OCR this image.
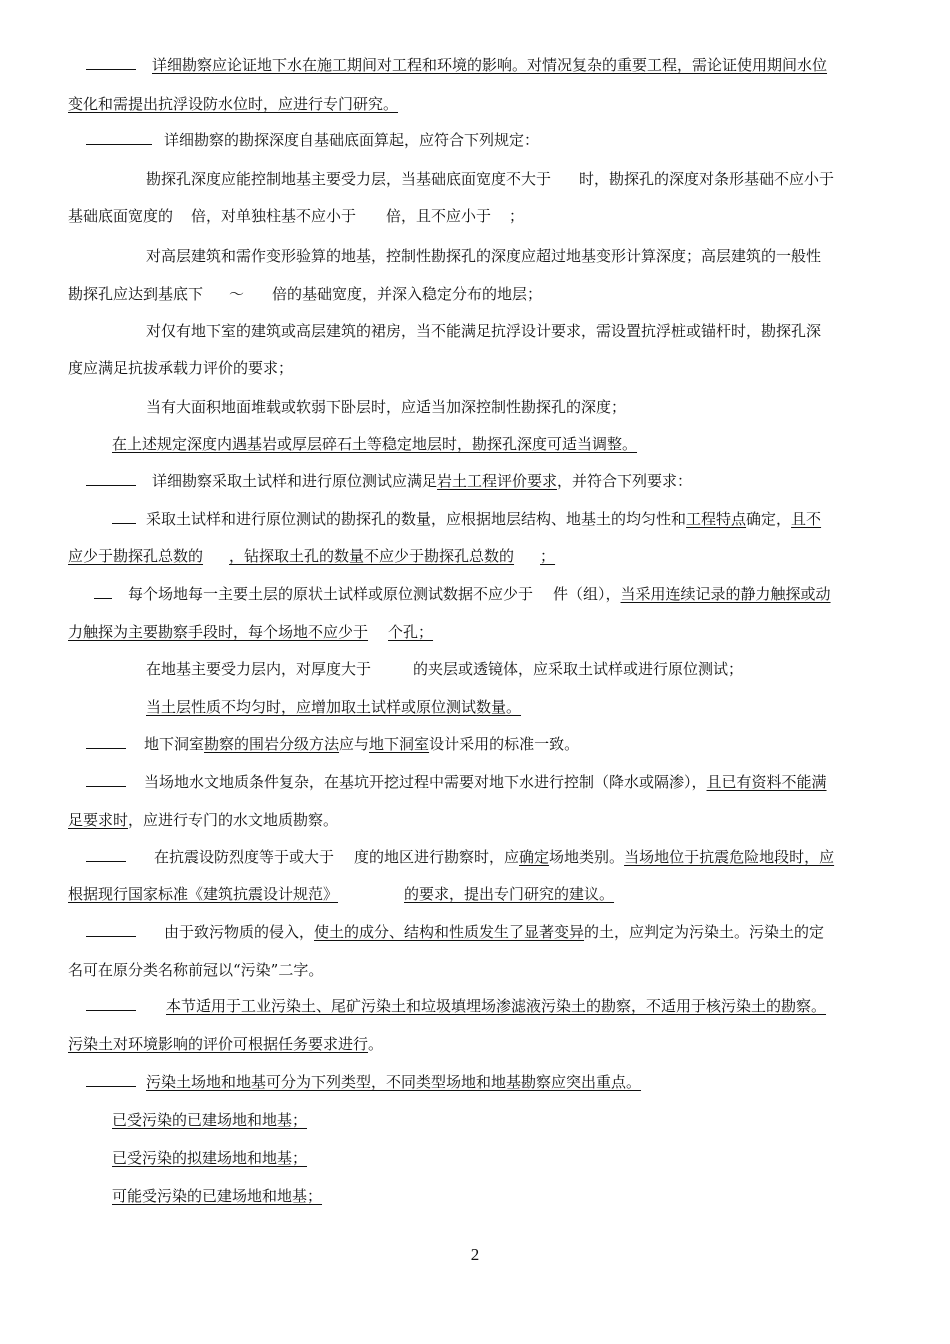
详细勘察应论证地下水在施工期间对工程和环境的影响。对情况复杂的重要工程，需论证使用期间水位
变化和需提出抗浮设防水位时，应进行专门研究。
详细勘察的勘探深度自基础底面算起，应符合下列规定：
勘探孔深度应能控制地基主要受力层，当基础底面宽度不大于 时，勘探孔的深度对条形基础不应小于
基础底面宽度的 倍，对单独柱基不应小于 倍，且不应小于 ；
对高层建筑和需作变形验算的地基，控制性勘探孔的深度应超过地基变形计算深度；高层建筑的一般性
勘探孔应达到基底下 ～ 倍的基础宽度，并深入稳定分布的地层；
对仅有地下室的建筑或高层建筑的裙房，当不能满足抗浮设计要求，需设置抗浮桩或锚杆时，勘探孔深
度应满足抗拔承载力评价的要求；
当有大面积地面堆载或软弱下卧层时，应适当加深控制性勘探孔的深度；
在上述规定深度内遇基岩或厚层碎石土等稳定地层时，勘探孔深度可适当调整。
详细勘察采取土试样和进行原位测试应满足岩土工程评价要求，并符合下列要求：
采取土试样和进行原位测试的勘探孔的数量，应根据地层结构、地基土的均匀性和工程特点确定，且不
应少于勘探孔总数的 ，钻探取土孔的数量不应少于勘探孔总数的 ；
每个场地每一主要土层的原状土试样或原位测试数据不应少于 件（组），当采用连续记录的静力触探或动
力触探为主要勘察手段时，每个场地不应少于 个孔；
在地基主要受力层内，对厚度大于	的夹层或透镜体，应采取土试样或进行原位测试；
当土层性质不均匀时，应增加取土试样或原位测试数量。
地下洞室勘察的围岩分级方法应与地下洞室设计采用的标准一致。
当场地水文地质条件复杂，在基坑开挖过程中需要对地下水进行控制（降水或隔渗），且已有资料不能满
足要求时，应进行专门的水文地质勘察。
在抗震设防烈度等于或大于 度的地区进行勘察时，应确定场地类别。当场地位于抗震危险地段时，应
根据现行国家标准《建筑抗震设计规范》	的要求，提出专门研究的建议。
由于致污物质的侵入，使土的成分、结构和性质发生了显著变异的土，应判定为污染土。污染土的定
名可在原分类名称前冠以“污染”二字。
本节适用于工业污染土、尾矿污染土和垃圾填埋场渗滤液污染土的勘察，不适用于核污染土的勘察。
污染土对环境影响的评价可根据任务要求进行。
污染土场地和地基可分为下列类型，不同类型场地和地基勘察应突出重点。
已受污染的已建场地和地基；
已受污染的拟建场地和地基；
可能受污染的已建场地和地基；
2
